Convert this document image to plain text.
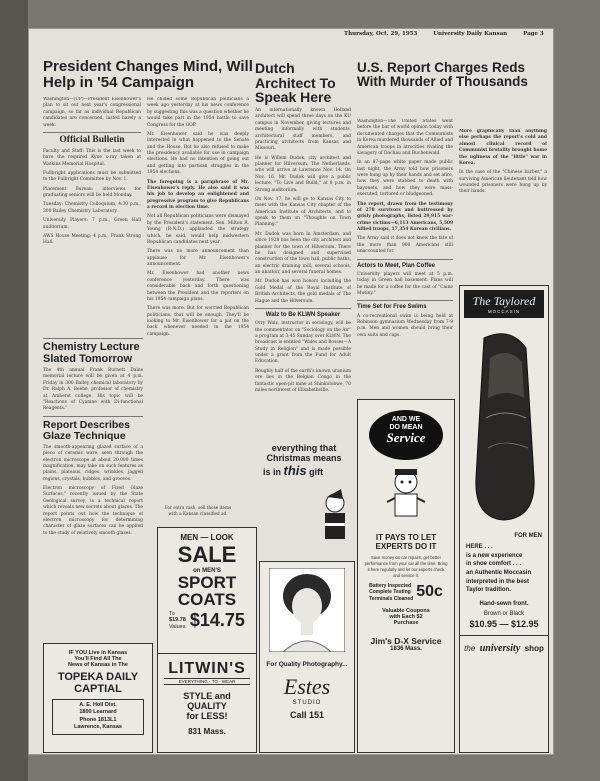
Thursday, Oct. 29, 1953	University Daily Kansan	Page 3
President Changes Mind, Will Help in '54 Campaign
Washington—(UP)—President Eisenhower's plan to sit out next year's congressional campaign, so far as individual Republican candidates are concerned, lasted barely a week.
Official Bulletin
Faculty and Staff: This is the last week to have the required Kyne x-ray taken at Watkins Memorial Hospital.
Fullbright applications must be submitted to the Fulbright Committee by Nov. 1.
Placement Bureau: interviews for graduating seniors will be held Monday.
Tuesday: Chemistry Colloquium, 4:30 p.m., 300 Bailey Chemistry Laboratory.
University Players: 7 p.m., Green Hall auditorium.
AWS House Meeting: 4 p.m., Frank Strong Hall.
He chided some Republican politicians a week ago yesterday at his news conference by suggesting this was a question whether he would take part in the 1954 battle to save Congress for the GOP.
Mr. Eisenhower said he was deeply interested in what happened to the Senate and the House. But he also refused to make the presidency available for use in campaign elections. He had no intention of going out and getting into partisan struggles in the 1954 elections.
The foregoing is a paraphrase of Mr. Eisenhower's reply. He also said it was his job to develop an enlightened and progressive program to give Republicans a record in election time.
Not all Republican politicians were dismayed by the President's statement. Sen. Milton R. Young (R-N.D.) applauded the strategy which, he said, would help midwestern Republican candidates next year.
There was no more announcement than applause for Mr. Eisenhower's announcement.
Mr. Eisenhower had another news conference yesterday. There was considerable back and forth questioning between the President and the reporters on his 1954 campaign plans.
There was more. But for worried Republican politicians, that will be enough. They'll be looking to Mr. Eisenhower for a pat on the back whenever needed in the 1954 campaign.
Dutch Architect To Speak Here
An internationally known Holland architect will spend three days on the KU campus in November, giving lectures and meeting informally with students, architectural staff members, and practicing architects from Kansas and Missouri.
He is Willem Dudok, city architect and planner for Hilversum, The Netherlands, who will arrive at Lawrence Nov. 14. On Nov. 16, Mr. Dudok will give a public lecture, "To Live and Build," at 8 p.m. in Strong auditorium.
On Nov. 17, he will go to Kansas City to meet with the Kansas City chapter of the American Institute of Architects, and to speak to them on "Thoughts on Town Planning."
Mr. Dudok was born in Amsterdam, and since 1928 has been the city architect and planner for the town of Hilversum. There he has designed and supervised construction of the town hall, public baths, an electric draining mill, several schools, an abattoir, and several funeral homes.
Mr. Dudok has won honors including the Gold Medal of the Royal Institute of British Architects, the gold medals of The Hague and the Hilversum.
Walz to Be KLWN Speaker
Orry Walz, instructor in sociology, will be the commentator on "Sociology on the Air" a program at 3:45 Sunday over KLWN. The broadcast is entitled "Wales and Bosses—A Study in Religion" and is made possible under a grant from the Fund for Adult Education.
Roughly half of the earth's known uranium ore lies in the Belgian Congo in the fantastic open-pit mine at Shinkolobwe, 70 miles northwest of Elisabethville.
U.S. Report Charges Reds With Murder of Thousands
Washington—The United States went before the bar of world opinion today with documented charges that the Communists in Korea murdered thousands of Allied and American troops in atrocities rivaling the savagery of Dachau and Buchenwald.
In an 87-page white paper made public last night, the Army told how prisoners were hung up by their hands and set afire, how they were stabbed to death with bayonets, and how they were mass-executed, tortured or bludgeoned.
The report, drawn from the testimony of 278 survivors and buttressed by grisly photographs, listed 29,915 war-crime victims—6,113 Americans, 5,509 Allied troops, 17,354 Korean civilians.
The Army said it does not know the fate of the more than 900 Americans still unaccounted for.
Actors to Meet, Plan Coffee
University players will meet at 5 p.m. today in Green hall basement. Plans will be made for a coffee for the cast of "Caine Mutiny."
Time Set for Free Swims
A co-recreational swim is being held at Robinson gymnasium Wednesday from 7-9 p.m. Men and women should bring their own suits and caps.
More graphically than anything else perhaps the report's cold and almost clinical record of Communist brutality brought home the ugliness of the "little" war in Korea.
In the case of the "Chinese barber," a surviving American lieutenant told how wounded prisoners were hung up by their hands.
Chemistry Lecture Slated Tomorrow
The 4th annual Frank Burnett Dains memorial lecture will be given at 4 p.m. Friday in 300 Bailey chemical laboratory by Dr. Ralph A. Beebe, professor of chemistry at Amherst college. His topic will be "Reactions of Cyanine with Di-functional Reagents."
Report Describes Glaze Technique
The smooth-appearing glazed surface of a piece of ceramic ware, seen through the electron microscope at about 20,000 times magnification, may take on such features as plains, plateaus, ridges, wrinkles, jagged regions, crystals, bubbles, and grooves.
Electron microscopy of Fired Glaze Surfaces," recently issued by the State Geological survey, is a technical report which reveals new secrets about glazes. The report points out how the technique of electron microscopy for determining character of glaze surfaces can be applied to the study of relatively smooth glazes.
For extra cash, sell those items
with a Kansan classified ad.
everything that
Christmas means
is in this gift
For Quality Photography...
Estes
STUDIO
Call 151
MEN — LOOK
SALE
on MEN'S
SPORT
COATS
To
$19.78
Values $14.75
LITWIN'S
EVERYTHING · TO · WEAR
STYLE and
QUALITY
for LESS!
831 Mass.
IF YOU Live in Kansas
You'll Find All The
News of Kansas in The
TOPEKA DAILY
CAPTIAL
A. E. Holl Dist.
1800 Learnard
Phone 1813L1
Lawrence, Kansas
AND WE
DO MEAN
Service
IT PAYS TO LET
EXPERTS DO IT
Save money on car repairs, get better performance from your car all the time. Bring it here regularly and let our experts check and service it.
Battery Inspected
Complete Testing
Terminals Cleaned 50c
Valuable Coupons
with Each $2
Purchase
Jim's D-X Service
1836 Mass.
The Taylored
MOCCASIN
FOR MEN
HERE . . .
is a new experience
in shoe comfort . . .
an Authentic Moccasin
interpreted in the best
Taylor tradition.
Hand-sewn front.
Brown or Black
$10.95 — $12.95
the university shop
